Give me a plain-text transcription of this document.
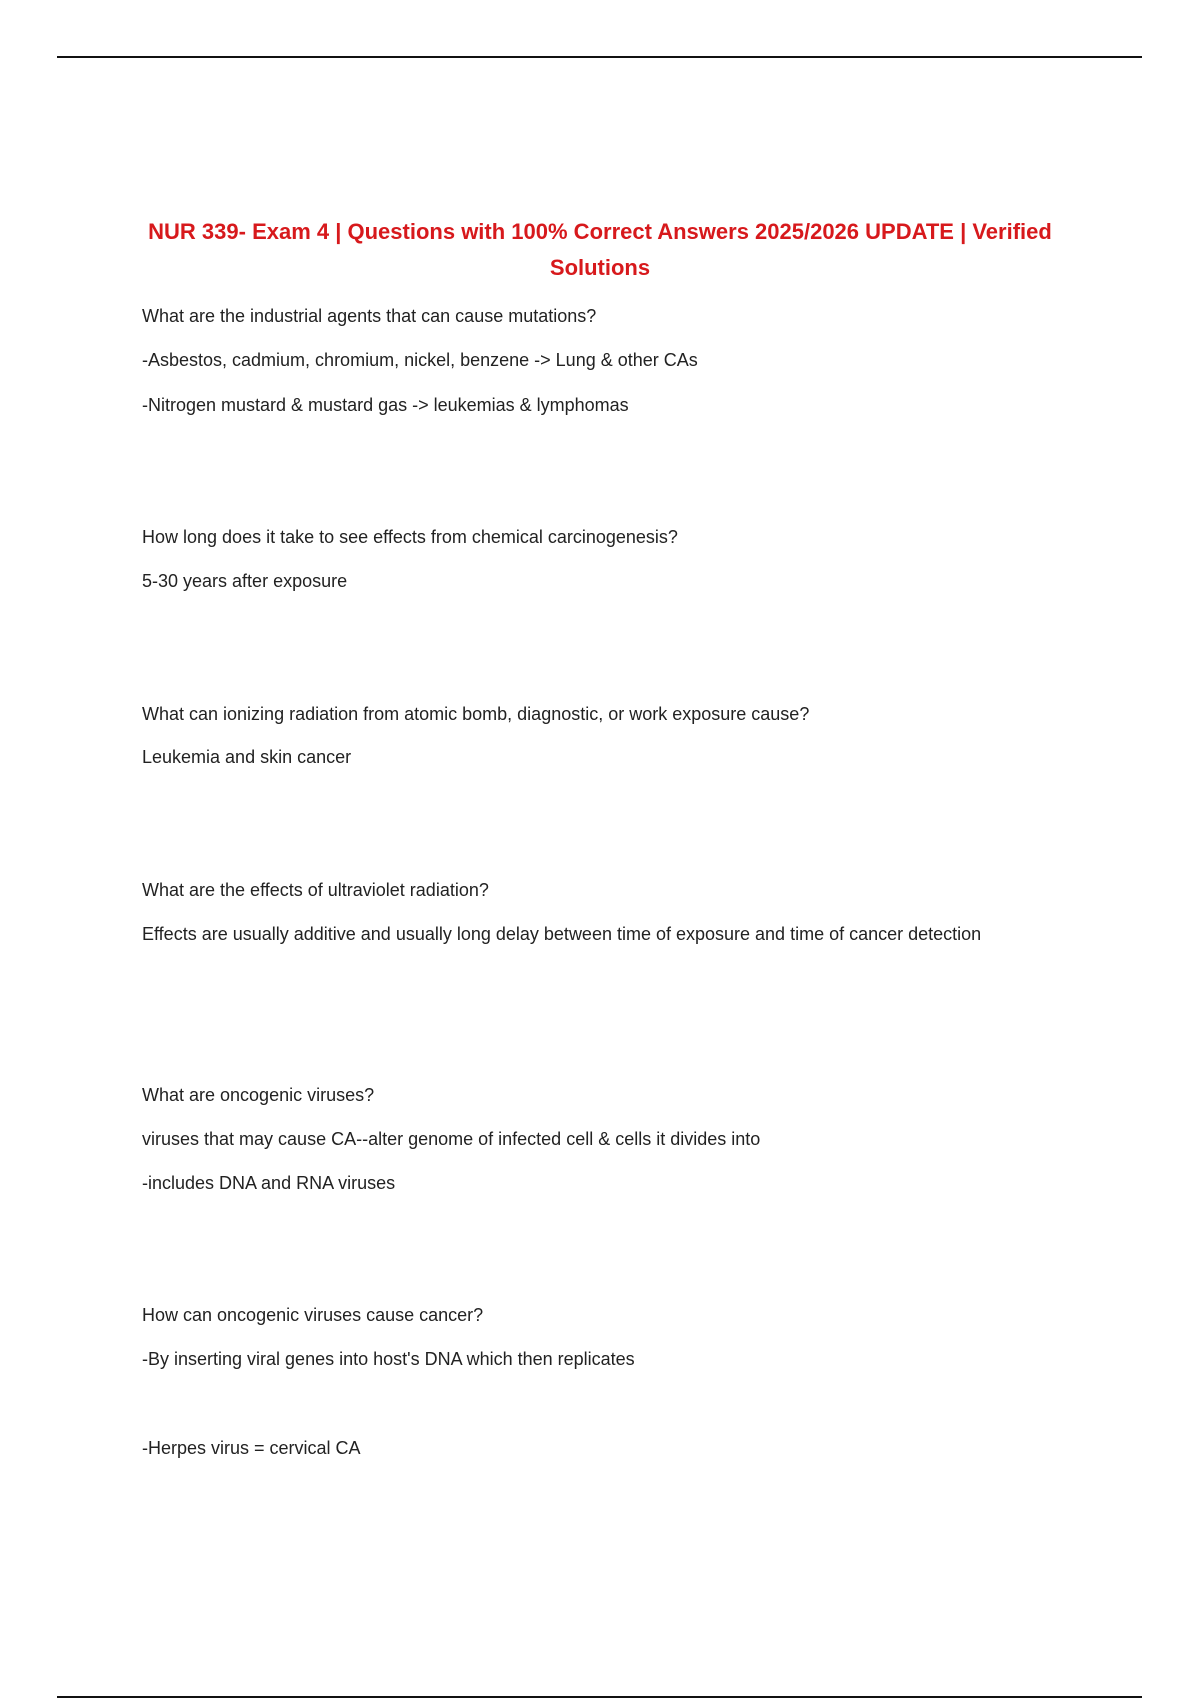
NUR 339- Exam 4 | Questions with 100% Correct Answers 2025/2026 UPDATE | Verified Solutions

What are the industrial agents that can cause mutations?

-Asbestos, cadmium, chromium, nickel, benzene -> Lung & other CAs

-Nitrogen mustard & mustard gas -> leukemias & lymphomas

How long does it take to see effects from chemical carcinogenesis?

5-30 years after exposure

What can ionizing radiation from atomic bomb, diagnostic, or work exposure cause?

Leukemia and skin cancer

What are the effects of ultraviolet radiation?

Effects are usually additive and usually long delay between time of exposure and time of cancer detection

What are oncogenic viruses?

viruses that may cause CA--alter genome of infected cell & cells it divides into

-includes DNA and RNA viruses

How can oncogenic viruses cause cancer?

-By inserting viral genes into host's DNA which then replicates

-Herpes virus = cervical CA
